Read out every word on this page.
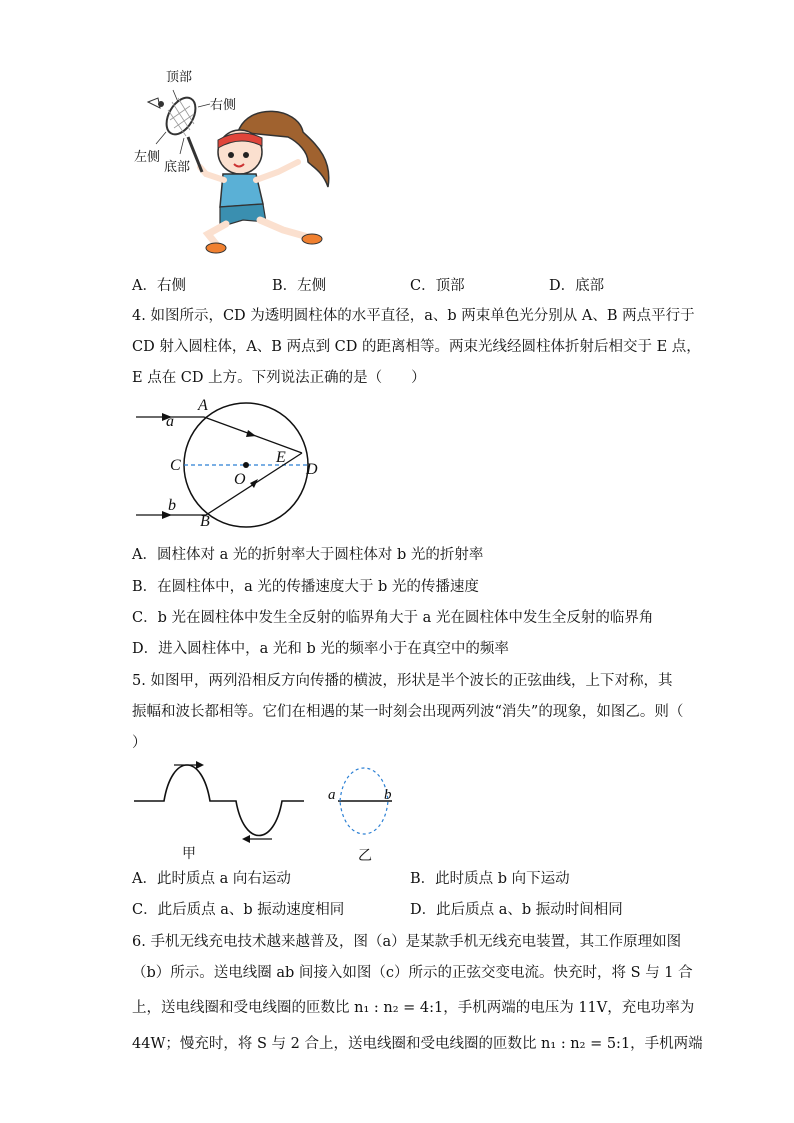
顶部
右侧
左侧
底部
A．右侧	B．左侧	C．顶部	D．底部
4. 如图所示，CD 为透明圆柱体的水平直径，a、b 两束单色光分别从 A、B 两点平行于
CD 射入圆柱体，A、B 两点到 CD 的距离相等。两束光线经圆柱体折射后相交于 E 点，
E 点在 CD 上方。下列说法正确的是（　　）
A
a
C	E
D
O
b
B
A．圆柱体对 a 光的折射率大于圆柱体对 b 光的折射率
B．在圆柱体中，a 光的传播速度大于 b 光的传播速度
C．b 光在圆柱体中发生全反射的临界角大于 a 光在圆柱体中发生全反射的临界角
D．进入圆柱体中，a 光和 b 光的频率小于在真空中的频率
5. 如图甲，两列沿相反方向传播的横波，形状是半个波长的正弦曲线，上下对称，其
振幅和波长都相等。它们在相遇的某一时刻会出现两列波“消失”的现象，如图乙。则（
）
甲
a	b
乙
A．此时质点 a 向右运动	B．此时质点 b 向下运动
C．此后质点 a、b 振动速度相同	D．此后质点 a、b 振动时间相同
6. 手机无线充电技术越来越普及，图（a）是某款手机无线充电装置，其工作原理如图
（b）所示。送电线圈 ab 间接入如图（c）所示的正弦交变电流。快充时，将 S 与 1 合
上，送电线圈和受电线圈的匝数比 n₁ : n₂ = 4:1，手机两端的电压为 11V，充电功率为
44W；慢充时，将 S 与 2 合上，送电线圈和受电线圈的匝数比 n₁ : n₂ = 5:1，手机两端
